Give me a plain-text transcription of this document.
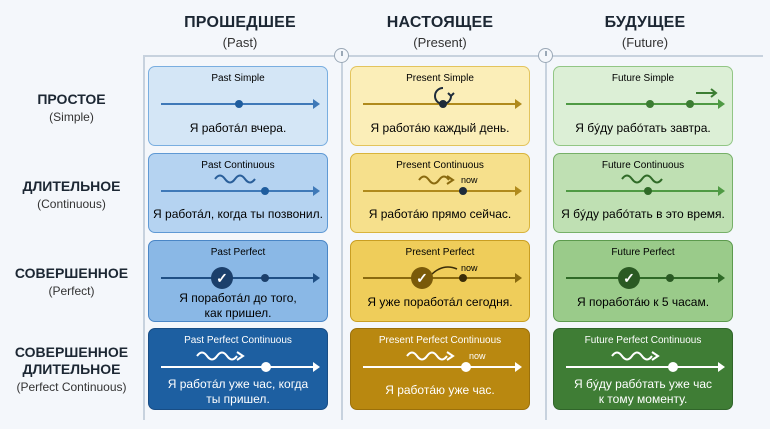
ПРОШЕДШЕЕ
(Past)
НАСТОЯЩЕЕ
(Present)
БУДУЩЕЕ
(Future)
ПРОСТОЕ
(Simple)
ДЛИТЕЛЬНОЕ
(Continuous)
СОВЕРШЕННОЕ
(Perfect)
СОВЕРШЕННОЕ ДЛИТЕЛЬНОЕ
(Perfect Continuous)
Past Simple
Я работáл вчера.
Present Simple
Я работáю каждый день.
Future Simple
Я бýду рабóтать завтра.
Past Continuous
Я работáл, когда ты позвонил.
Present Continuous
now
Я работáю прямо сейчас.
Future Continuous
Я бýду рабóтать в это время.
Past Perfect
✓
Я поработáл до того, как пришел.
Present Perfect
now
✓
Я уже поработáл сегодня.
Future Perfect
✓
Я поработáю к 5 часам.
Past Perfect Continuous
Я работáл уже час, когда ты пришел.
Present Perfect Continuous
now
Я работáю уже час.
Future Perfect Continuous
Я бýду рабóтать уже час к тому моменту.
